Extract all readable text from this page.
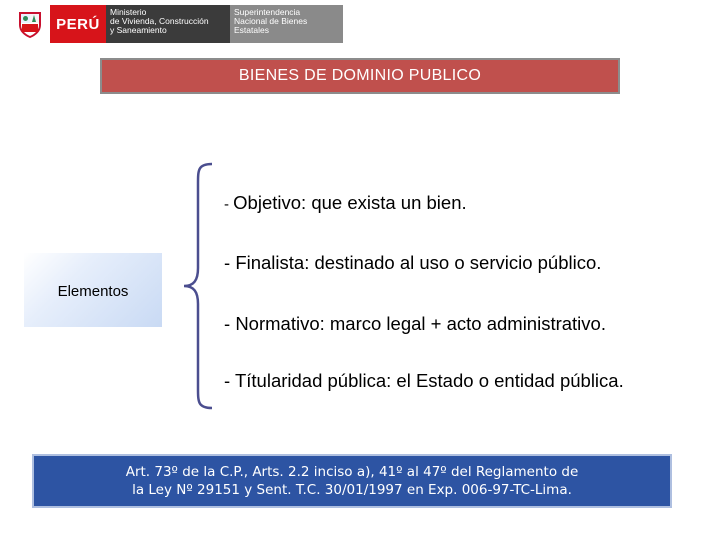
PERÚ
Ministerio
de Vivienda, Construcción
y Saneamiento
Superintendencia
Nacional de Bienes
Estatales
BIENES DE DOMINIO PUBLICO
Elementos
- Objetivo: que exista un bien.
- Finalista: destinado al uso o servicio público.
- Normativo: marco legal + acto administrativo.
- Títularidad pública: el Estado o entidad pública.
Art. 73º de la C.P., Arts. 2.2 inciso a), 41º al 47º del Reglamento de
la Ley Nº 29151 y Sent. T.C. 30/01/1997 en Exp. 006-97-TC-Lima.
